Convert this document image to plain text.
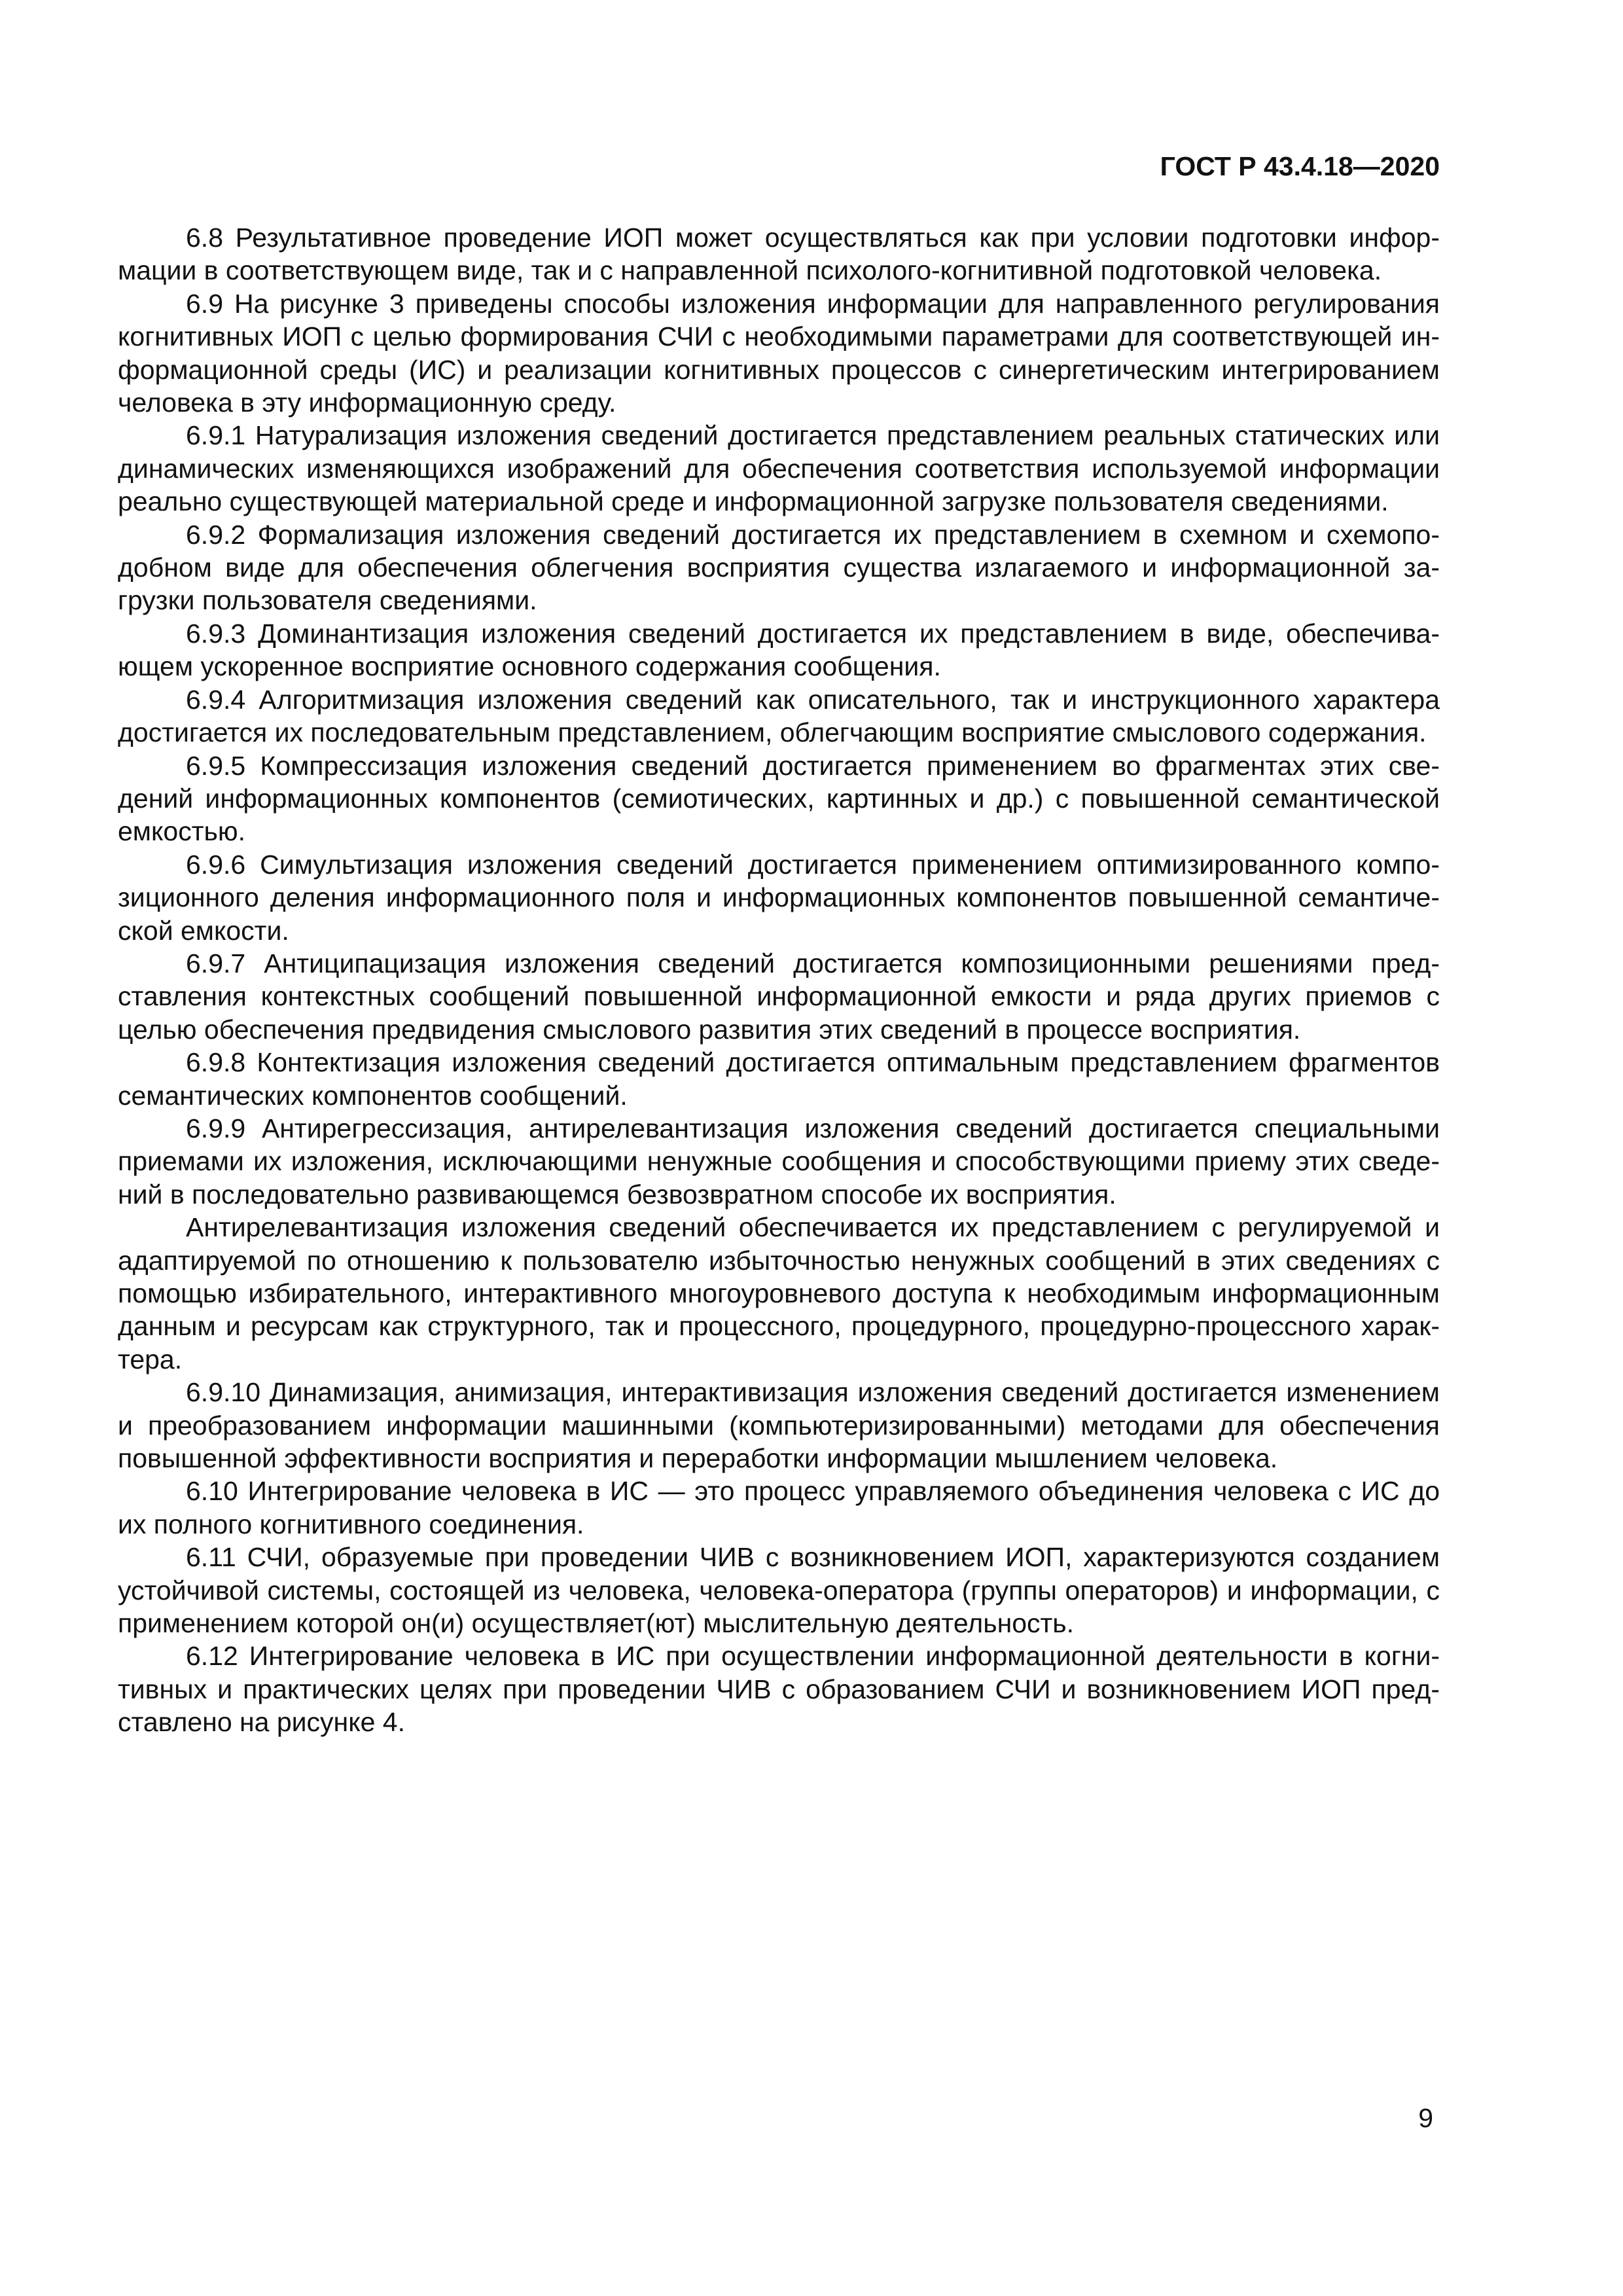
ГОСТ Р 43.4.18—2020

6.8 Результативное проведение ИОП может осуществляться как при условии подготовки информации в соответствующем виде, так и с направленной психолого-когнитивной подготовкой человека.

6.9 На рисунке 3 приведены способы изложения информации для направленного регулирования когнитивных ИОП с целью формирования СЧИ с необходимыми параметрами для соответствующей информационной среды (ИС) и реализации когнитивных процессов с синергетическим интегрированием человека в эту информационную среду.

6.9.1 Натурализация изложения сведений достигается представлением реальных статических или динамических изменяющихся изображений для обеспечения соответствия используемой информации реально существующей материальной среде и информационной загрузке пользователя сведениями.

6.9.2 Формализация изложения сведений достигается их представлением в схемном и схемоподобном виде для обеспечения облегчения восприятия существа излагаемого и информационной загрузки пользователя сведениями.

6.9.3 Доминантизация изложения сведений достигается их представлением в виде, обеспечивающем ускоренное восприятие основного содержания сообщения.

6.9.4 Алгоритмизация изложения сведений как описательного, так и инструкционного характера достигается их последовательным представлением, облегчающим восприятие смыслового содержания.

6.9.5 Компрессизация изложения сведений достигается применением во фрагментах этих сведений информационных компонентов (семиотических, картинных и др.) с повышенной семантической емкостью.

6.9.6 Симультизация изложения сведений достигается применением оптимизированного композиционного деления информационного поля и информационных компонентов повышенной семантической емкости.

6.9.7 Антиципацизация изложения сведений достигается композиционными решениями представления контекстных сообщений повышенной информационной емкости и ряда других приемов с целью обеспечения предвидения смыслового развития этих сведений в процессе восприятия.

6.9.8 Контектизация изложения сведений достигается оптимальным представлением фрагментов семантических компонентов сообщений.

6.9.9 Антирегрессизация, антирелевантизация изложения сведений достигается специальными приемами их изложения, исключающими ненужные сообщения и способствующими приему этих сведений в последовательно развивающемся безвозвратном способе их восприятия.

Антирелевантизация изложения сведений обеспечивается их представлением с регулируемой и адаптируемой по отношению к пользователю избыточностью ненужных сообщений в этих сведениях с помощью избирательного, интерактивного многоуровневого доступа к необходимым информационным данным и ресурсам как структурного, так и процессного, процедурного, процедурно-процессного характера.

6.9.10 Динамизация, анимизация, интерактивизация изложения сведений достигается изменением и преобразованием информации машинными (компьютеризированными) методами для обеспечения повышенной эффективности восприятия и переработки информации мышлением человека.

6.10 Интегрирование человека в ИС — это процесс управляемого объединения человека с ИС до их полного когнитивного соединения.

6.11 СЧИ, образуемые при проведении ЧИВ с возникновением ИОП, характеризуются созданием устойчивой системы, состоящей из человека, человека-оператора (группы операторов) и информации, с применением которой он(и) осуществляет(ют) мыслительную деятельность.

6.12 Интегрирование человека в ИС при осуществлении информационной деятельности в когнитивных и практических целях при проведении ЧИВ с образованием СЧИ и возникновением ИОП представлено на рисунке 4.

9
